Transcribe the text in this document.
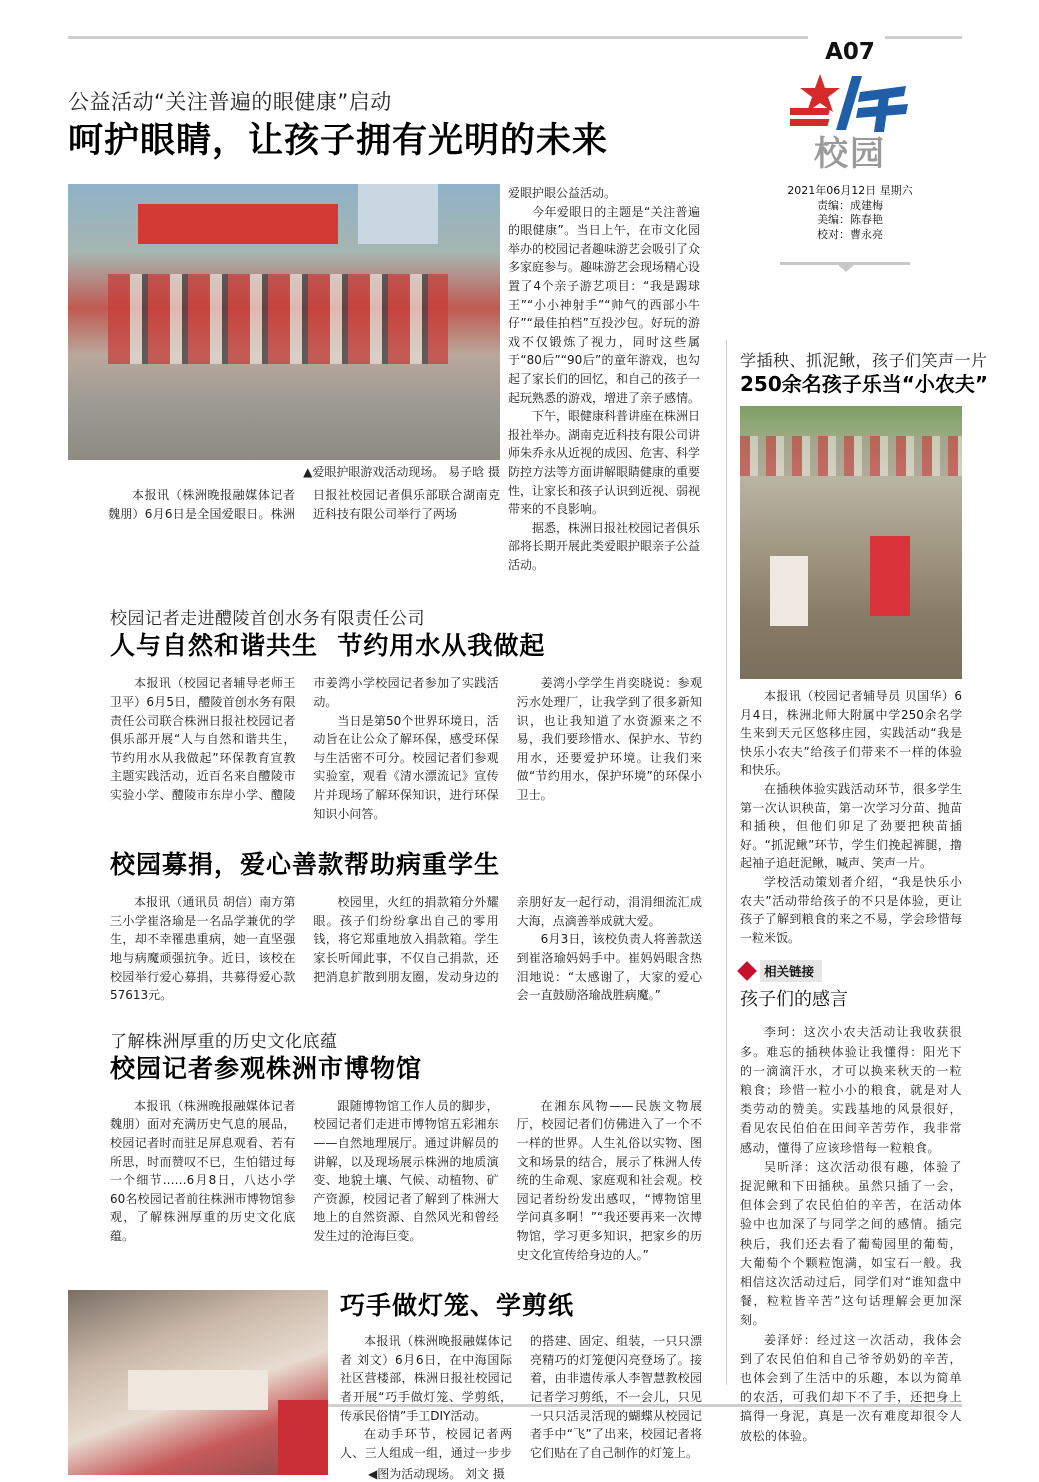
A07
校园
2021年06月12日 星期六
责编：成建梅
美编：陈春艳
校对：曹永亮
公益活动“关注普遍的眼健康”启动
呵护眼睛，让孩子拥有光明的未来
▲爱眼护眼游戏活动现场。 易子晗 摄

本报讯（株洲晚报融媒体记者魏朋）6月6日是全国爱眼日。株洲日报社校园记者俱乐部联合湖南克近科技有限公司举行了两场

爱眼护眼公益活动。

今年爱眼日的主题是“关注普遍的眼健康”。当日上午，在市文化园举办的校园记者趣味游艺会吸引了众多家庭参与。趣味游艺会现场精心设置了4个亲子游艺项目：“我是踢球王”“小小神射手”“帅气的西部小牛仔”“最佳拍档”互投沙包。好玩的游戏不仅锻炼了视力，同时这些属于“80后”“90后”的童年游戏，也勾起了家长们的回忆，和自己的孩子一起玩熟悉的游戏，增进了亲子感情。

下午，眼健康科普讲座在株洲日报社举办。湖南克近科技有限公司讲师朱乔永从近视的成因、危害、科学防控方法等方面讲解眼睛健康的重要性，让家长和孩子认识到近视、弱视带来的不良影响。

据悉，株洲日报社校园记者俱乐部将长期开展此类爱眼护眼亲子公益活动。

校园记者走进醴陵首创水务有限责任公司
人与自然和谐共生  节约用水从我做起

本报讯（校园记者辅导老师王卫平）6月5日，醴陵首创水务有限责任公司联合株洲日报社校园记者俱乐部开展“人与自然和谐共生，节约用水从我做起”环保教育宣教主题实践活动，近百名来自醴陵市实验小学、醴陵市东岸小学、醴陵市姜湾小学校园记者参加了实践活动。

当日是第50个世界环境日，活动旨在让公众了解环保，感受环保与生活密不可分。校园记者们参观实验室，观看《清水漂流记》宣传片并现场了解环保知识，进行环保知识小问答。

姜湾小学学生肖奕晓说：参观污水处理厂，让我学到了很多新知识，也让我知道了水资源来之不易，我们要珍惜水、保护水、节约用水，还要爱护环境。让我们来做“节约用水，保护环境”的环保小卫士。

校园募捐，爱心善款帮助病重学生

本报讯（通讯员 胡信）南方第三小学崔洛瑜是一名品学兼优的学生，却不幸罹患重病，她一直坚强地与病魔顽强抗争。近日，该校在校园举行爱心募捐，共募得爱心款57613元。

校园里，火红的捐款箱分外耀眼。孩子们纷纷拿出自己的零用钱，将它郑重地放入捐款箱。学生家长听闻此事，不仅自己捐款，还把消息扩散到朋友圈，发动身边的亲朋好友一起行动，涓涓细流汇成大海，点滴善举成就大爱。

6月3日，该校负责人将善款送到崔洛瑜妈妈手中。崔妈妈眼含热泪地说：“太感谢了，大家的爱心会一直鼓励洛瑜战胜病魔。”

了解株洲厚重的历史文化底蕴
校园记者参观株洲市博物馆

本报讯（株洲晚报融媒体记者魏朋）面对充满历史气息的展品，校园记者时而驻足屏息观看、若有所思，时而赞叹不已，生怕错过每一个细节……6月8日，八达小学60名校园记者前往株洲市博物馆参观，了解株洲厚重的历史文化底蕴。

跟随博物馆工作人员的脚步，校园记者们走进市博物馆五彩湘东——自然地理展厅。通过讲解员的讲解，以及现场展示株洲的地质演变、地貌土壤、气候、动植物、矿产资源，校园记者了解到了株洲大地上的自然资源、自然风光和曾经发生过的沧海巨变。

在湘东风物——民族文物展厅，校园记者们仿佛进入了一个不一样的世界。人生礼俗以实物、图文和场景的结合，展示了株洲人传统的生命观、家庭观和社会观。校园记者纷纷发出感叹，“博物馆里学问真多啊！”“我还要再来一次博物馆，学习更多知识，把家乡的历史文化宣传给身边的人。”

巧手做灯笼、学剪纸

本报讯（株洲晚报融媒体记者 刘文）6月6日，在中海国际社区营楼部，株洲日报社校园记者开展“巧手做灯笼、学剪纸，传承民俗情”手工DIY活动。

在动手环节，校园记者两人、三人组成一组，通过一步步的搭建、固定、组装，一只只漂亮精巧的灯笼便闪亮登场了。接着，由非遗传承人李智慧教校园记者学习剪纸，不一会儿，只见一只只活灵活现的蝴蝶从校园记者手中“飞”了出来，校园记者将它们贴在了自己制作的灯笼上。

◀图为活动现场。 刘文 摄
学插秧、抓泥鳅，孩子们笑声一片
250余名孩子乐当“小农夫”

本报讯（校园记者辅导员 贝国华）6月4日，株洲北师大附属中学250余名学生来到天元区悠移庄园，实践活动“我是快乐小农夫”给孩子们带来不一样的体验和快乐。

在插秧体验实践活动环节，很多学生第一次认识秧苗，第一次学习分苗、抛苗和插秧，但他们卯足了劲要把秧苗插好。“抓泥鳅”环节，学生们挽起裤腿，撸起袖子追赶泥鳅，喊声、笑声一片。

学校活动策划者介绍，“我是快乐小农夫”活动带给孩子的不只是体验，更让孩子了解到粮食的来之不易，学会珍惜每一粒米饭。

相关链接
孩子们的感言

李珂：这次小农夫活动让我收获很多。难忘的插秧体验让我懂得：阳光下的一滴滴汗水，才可以换来秋天的一粒粮食；珍惜一粒小小的粮食，就是对人类劳动的赞美。实践基地的风景很好，看见农民伯伯在田间辛苦劳作，我非常感动，懂得了应该珍惜每一粒粮食。

吴昕泽：这次活动很有趣，体验了捉泥鳅和下田插秧。虽然只插了一会，但体会到了农民伯伯的辛苦，在活动体验中也加深了与同学之间的感情。插完秧后，我们还去看了葡萄园里的葡萄，大葡萄个个颗粒饱满，如宝石一般。我相信这次活动过后，同学们对“谁知盘中餐，粒粒皆辛苦”这句话理解会更加深刻。

姜泽妤：经过这一次活动，我体会到了农民伯伯和自己爷爷奶奶的辛苦，也体会到了生活中的乐趣，本以为简单的农活，可我们却下不了手，还把身上搞得一身泥，真是一次有难度却很令人放松的体验。
